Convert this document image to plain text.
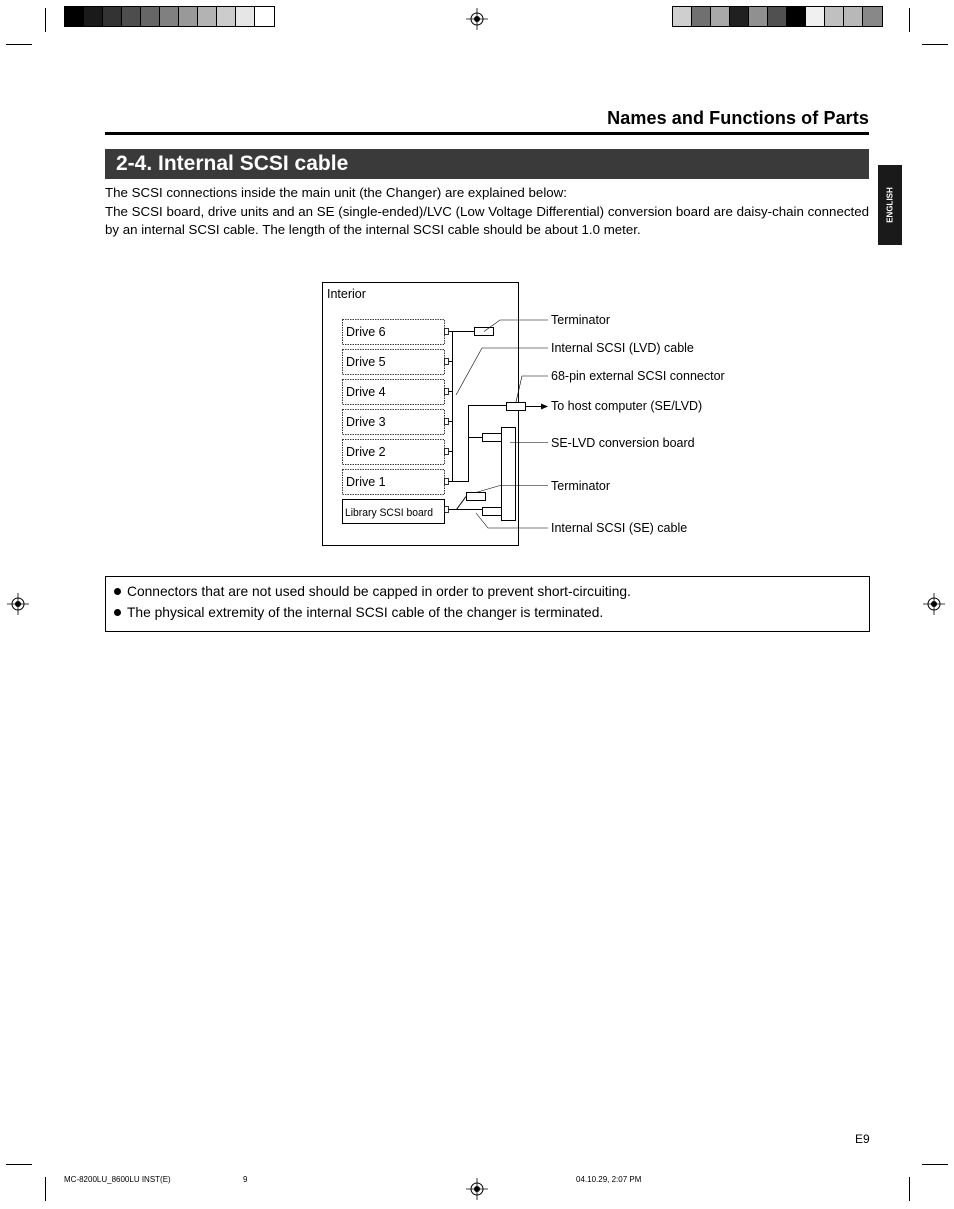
Names and Functions of Parts
2-4. Internal SCSI cable
ENGLISH
The SCSI connections inside the main unit (the Changer) are explained below:
The SCSI board, drive units and an SE (single-ended)/LVC (Low Voltage Differential) conversion board are daisy-chain connected by an internal SCSI cable. The length of the internal SCSI cable should be about 1.0 meter.
Interior
Drive 6
Drive 5
Drive 4
Drive 3
Drive 2
Drive 1
Library SCSI board
Terminator
Internal SCSI (LVD) cable
68-pin external SCSI connector
To host computer (SE/LVD)
SE-LVD conversion board
Terminator
Internal SCSI (SE) cable
Connectors that are not used should be capped in order to prevent short-circuiting.
The physical extremity of the internal SCSI cable of the changer is terminated.
E9
MC-8200LU_8600LU INST(E)	9	04.10.29, 2:07 PM
